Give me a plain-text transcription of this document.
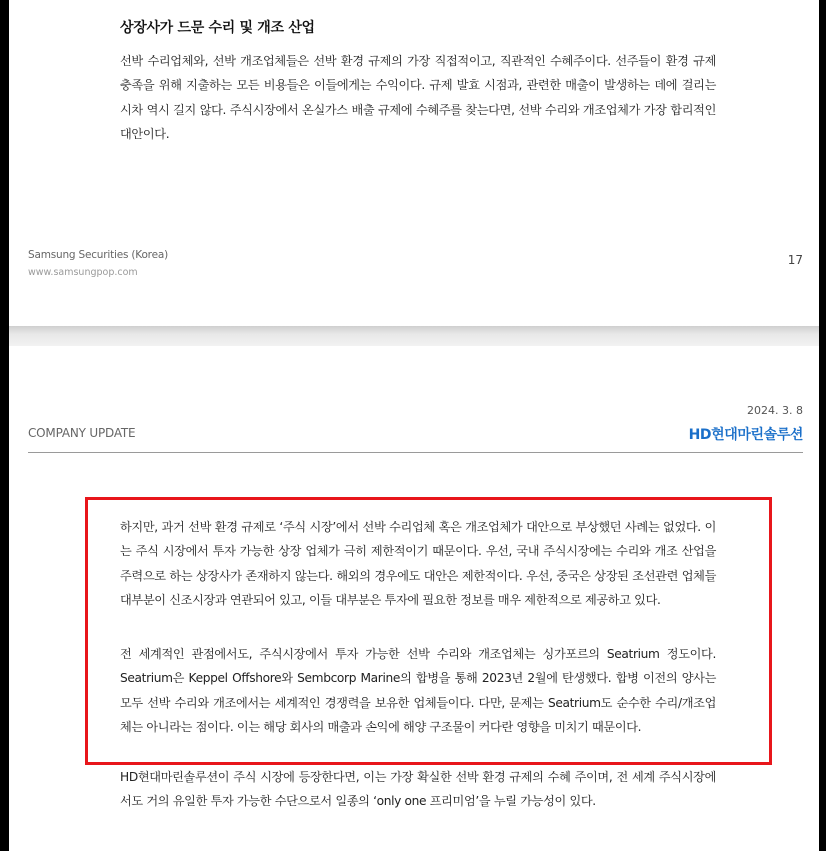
상장사가 드문 수리 및 개조 산업
선박 수리업체와, 선박 개조업체들은 선박 환경 규제의 가장 직접적이고, 직관적인 수혜주이다. 선주들이 환경 규제 충족을 위해 지출하는 모든 비용들은 이들에게는 수익이다. 규제 발효 시점과, 관련한 매출이 발생하는 데에 걸리는 시차 역시 길지 않다. 주식시장에서 온실가스 배출 규제에 수혜주를 찾는다면, 선박 수리와 개조업체가 가장 합리적인 대안이다.
Samsung Securities (Korea)
www.samsungpop.com
17
2024. 3. 8
COMPANY UPDATE	HD현대마린솔루션
하지만, 과거 선박 환경 규제로 ‘주식 시장’에서 선박 수리업체 혹은 개조업체가 대안으로 부상했던 사례는 없었다. 이는 주식 시장에서 투자 가능한 상장 업체가 극히 제한적이기 때문이다. 우선, 국내 주식시장에는 수리와 개조 산업을 주력으로 하는 상장사가 존재하지 않는다. 해외의 경우에도 대안은 제한적이다. 우선, 중국은 상장된 조선관련 업체들 대부분이 신조시장과 연관되어 있고, 이들 대부분은 투자에 필요한 정보를 매우 제한적으로 제공하고 있다.
전 세계적인 관점에서도, 주식시장에서 투자 가능한 선박 수리와 개조업체는 싱가포르의 Seatrium 정도이다. Seatrium은 Keppel Offshore와 Sembcorp Marine의 합병을 통해 2023년 2월에 탄생했다. 합병 이전의 양사는 모두 선박 수리와 개조에서는 세계적인 경쟁력을 보유한 업체들이다. 다만, 문제는 Seatrium도 순수한 수리/개조업체는 아니라는 점이다. 이는 해당 회사의 매출과 손익에 해양 구조물이 커다란 영향을 미치기 때문이다.
HD현대마린솔루션이 주식 시장에 등장한다면, 이는 가장 확실한 선박 환경 규제의 수혜 주이며, 전 세계 주식시장에서도 거의 유일한 투자 가능한 수단으로서 일종의 ‘only one 프리미엄’을 누릴 가능성이 있다.
